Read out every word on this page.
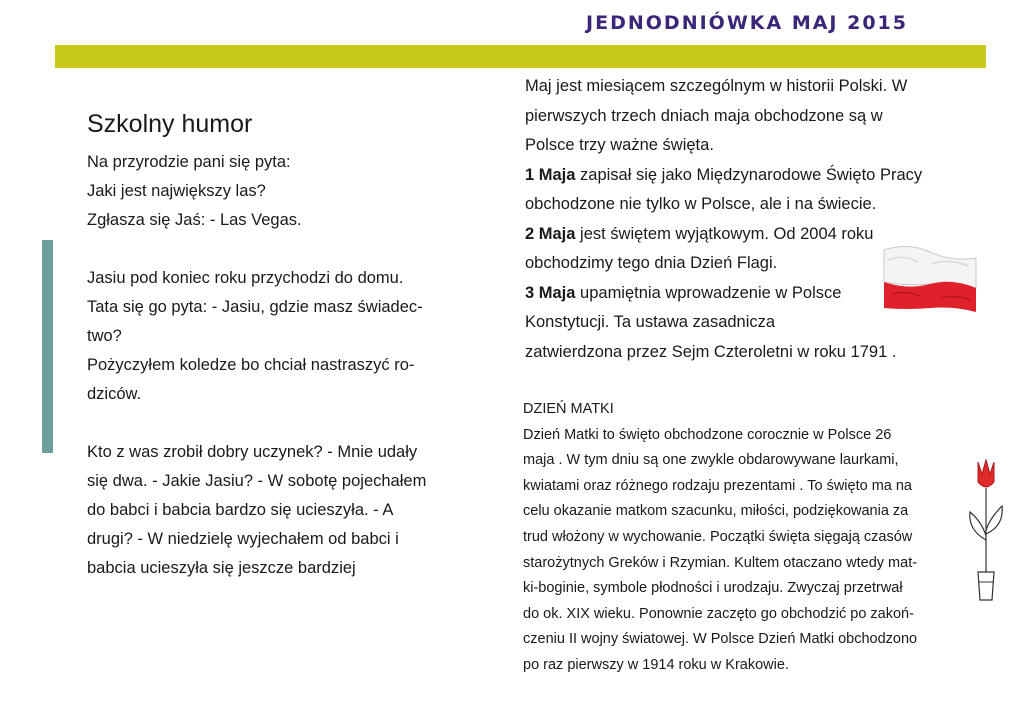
JEDNODNIÓWKA MAJ 2015
Szkolny humor
Na przyrodzie pani się pyta:
Jaki jest największy las?
Zgłasza się Jaś: - Las Vegas.
Jasiu pod koniec roku przychodzi do domu.
Tata się go pyta: - Jasiu, gdzie masz świadec-
two?
Pożyczyłem koledze bo chciał nastraszyć ro-
dziców.
Kto z was zrobił dobry uczynek? - Mnie udały
się dwa. - Jakie Jasiu? - W sobotę pojechałem
do babci i babcia bardzo się ucieszyła. - A
drugi? - W niedzielę wyjechałem od babci i
babcia ucieszyła się jeszcze bardziej
Maj jest miesiącem szczególnym w historii Polski. W
pierwszych trzech dniach maja obchodzone są w
Polsce trzy ważne święta.
1 Maja zapisał się jako Międzynarodowe Święto Pracy
obchodzone nie tylko w Polsce, ale i na świecie.
2 Maja jest świętem wyjątkowym. Od 2004 roku
obchodzimy tego dnia Dzień Flagi.
3 Maja upamiętnia wprowadzenie w Polsce
Konstytucji. Ta ustawa zasadnicza
zatwierdzona przez Sejm Czteroletni w roku 1791 .
DZIEŃ MATKI
Dzień Matki to święto obchodzone corocznie w Polsce 26
maja . W tym dniu są one zwykle obdarowywane laurkami,
kwiatami oraz różnego rodzaju prezentami . To święto ma na
celu okazanie matkom szacunku, miłości, podziękowania za
trud włożony w wychowanie. Początki święta sięgają czasów
starożytnych Greków i Rzymian. Kultem otaczano wtedy mat-
ki-boginie, symbole płodności i urodzaju. Zwyczaj przetrwał
do ok. XIX wieku. Ponownie zaczęto go obchodzić po zakoń-
czeniu II wojny światowej. W Polsce Dzień Matki obchodzono
po raz pierwszy w 1914 roku w Krakowie.
